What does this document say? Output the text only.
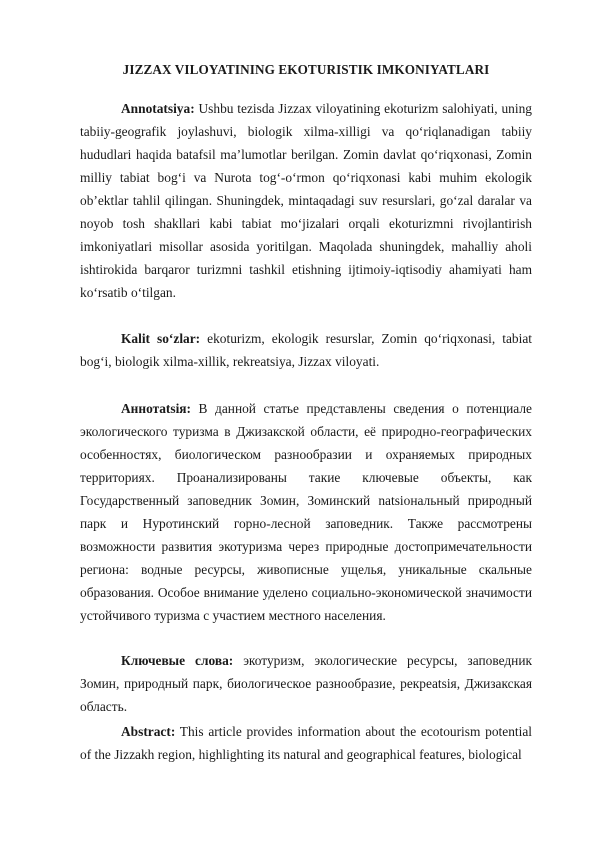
JIZZAX VILOYATINING EKOTURISTIK IMKONIYATLARI

Annotatsiya: Ushbu tezisda Jizzax viloyatining ekoturizm salohiyati, uning tabiiy-geografik joylashuvi, biologik xilma-xilligi va qo‘riqlanadigan tabiiy hududlari haqida batafsil ma’lumotlar berilgan. Zomin davlat qo‘riqxonasi, Zomin milliy tabiat bog‘i va Nurota tog‘-o‘rmon qo‘riqxonasi kabi muhim ekologik ob’ektlar tahlil qilingan. Shuningdek, mintaqadagi suv resurslari, go‘zal daralar va noyob tosh shakllari kabi tabiat mo‘jizalari orqali ekoturizmni rivojlantirish imkoniyatlari misollar asosida yoritilgan. Maqolada shuningdek, mahalliy aholi ishtirokida barqaror turizmni tashkil etishning ijtimoiy-iqtisodiy ahamiyati ham ko‘rsatib o‘tilgan.

Kalit so‘zlar: ekoturizm, ekologik resurslar, Zomin qo‘riqxonasi, tabiat bog‘i, biologik xilma-xillik, rekreatsiya, Jizzax viloyati.

Аннотatsія: В данной статье представлены сведения о потенциале экологического туризма в Джизакской области, её природно-географических особенностях, биологическом разнообразии и охраняемых природных территориях. Проанализированы такие ключевые объекты, как Государственный заповедник Зомин, Зоминский natsіональный природный парк и Нуротинский горно-лесной заповедник. Также рассмотрены возможности развития экотуризма через природные достопримечательности региона: водные ресурсы, живописные ущелья, уникальные скальные образования. Особое внимание уделено социально-экономической значимости устойчивого туризма с участием местного населения.

Ключевые слова: экотуризм, экологические ресурсы, заповедник Зомин, природный парк, биологическое разнообразие, рекреatsія, Джизакская область.

Abstract: This article provides information about the ecotourism potential of the Jizzakh region, highlighting its natural and geographical features, biological
